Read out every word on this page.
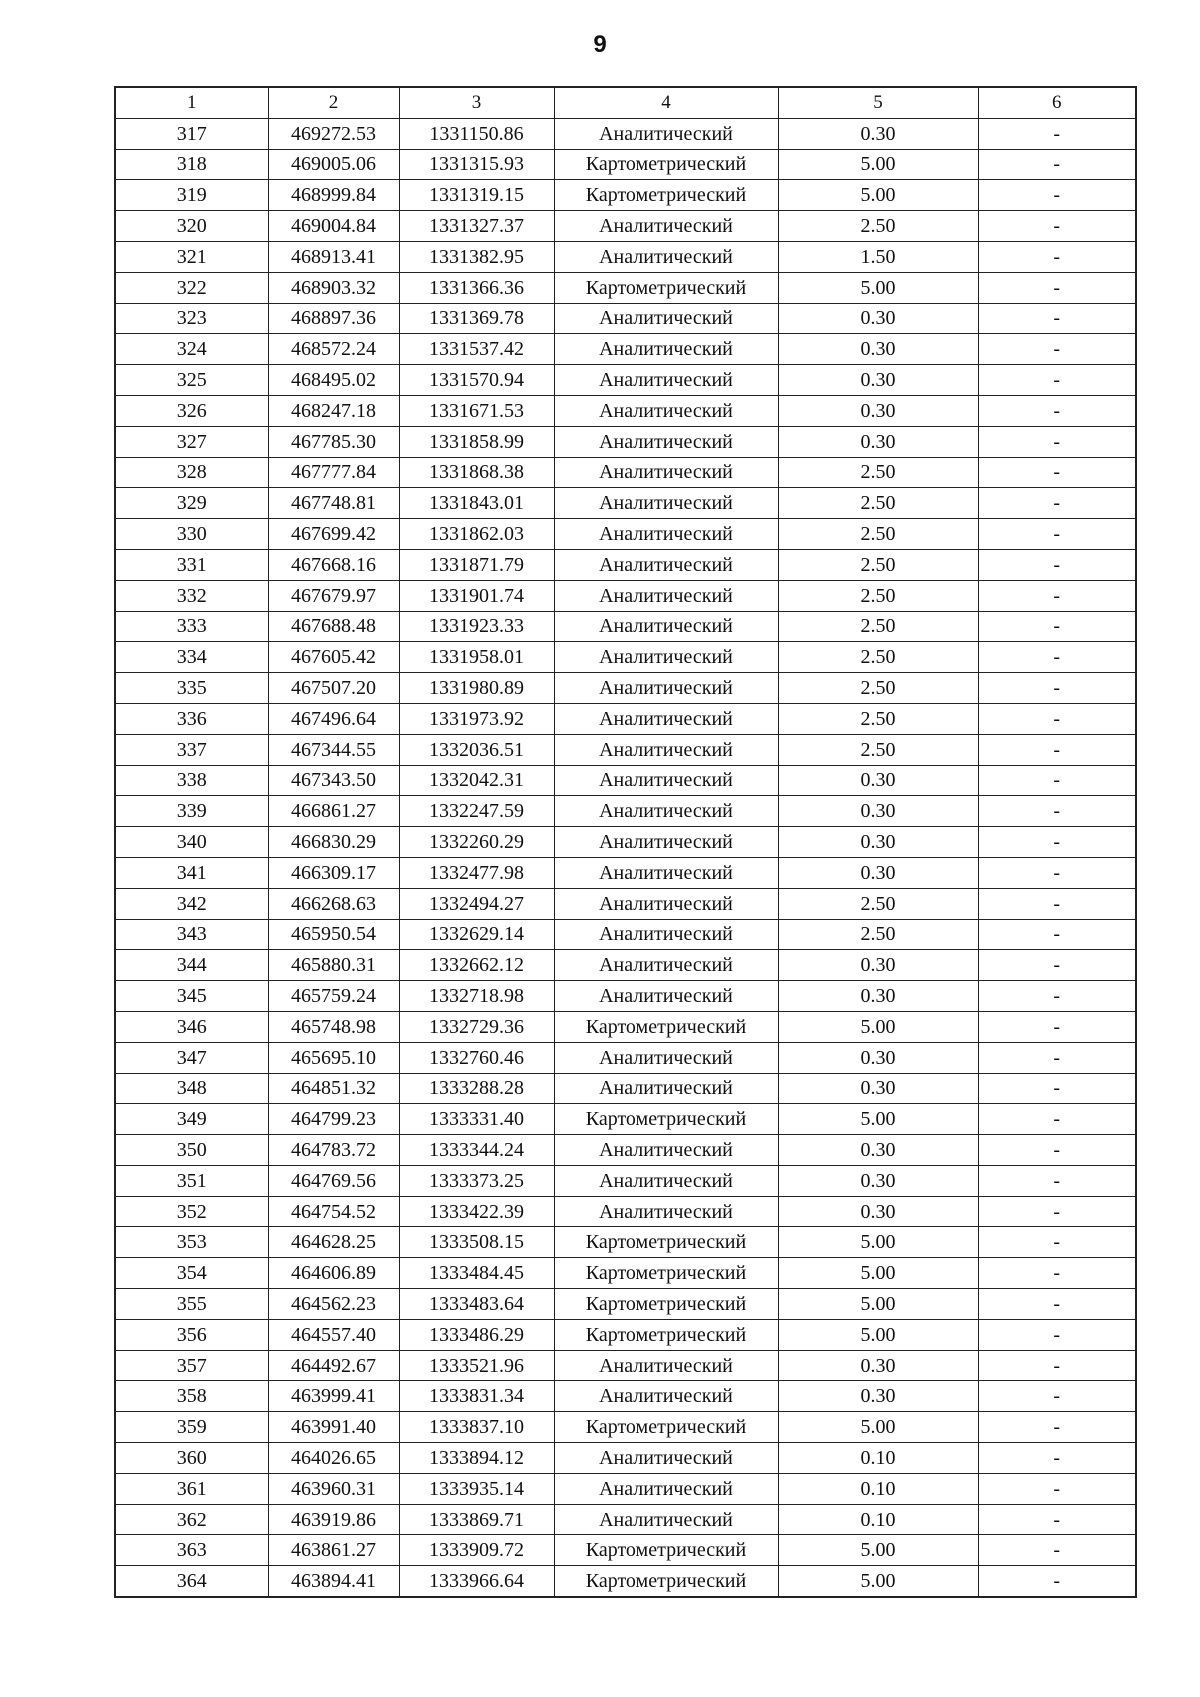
9
1	2	3	4	5	6
317	469272.53	1331150.86	Аналитический	0.30	-
318	469005.06	1331315.93	Картометрический	5.00	-
319	468999.84	1331319.15	Картометрический	5.00	-
320	469004.84	1331327.37	Аналитический	2.50	-
321	468913.41	1331382.95	Аналитический	1.50	-
322	468903.32	1331366.36	Картометрический	5.00	-
323	468897.36	1331369.78	Аналитический	0.30	-
324	468572.24	1331537.42	Аналитический	0.30	-
325	468495.02	1331570.94	Аналитический	0.30	-
326	468247.18	1331671.53	Аналитический	0.30	-
327	467785.30	1331858.99	Аналитический	0.30	-
328	467777.84	1331868.38	Аналитический	2.50	-
329	467748.81	1331843.01	Аналитический	2.50	-
330	467699.42	1331862.03	Аналитический	2.50	-
331	467668.16	1331871.79	Аналитический	2.50	-
332	467679.97	1331901.74	Аналитический	2.50	-
333	467688.48	1331923.33	Аналитический	2.50	-
334	467605.42	1331958.01	Аналитический	2.50	-
335	467507.20	1331980.89	Аналитический	2.50	-
336	467496.64	1331973.92	Аналитический	2.50	-
337	467344.55	1332036.51	Аналитический	2.50	-
338	467343.50	1332042.31	Аналитический	0.30	-
339	466861.27	1332247.59	Аналитический	0.30	-
340	466830.29	1332260.29	Аналитический	0.30	-
341	466309.17	1332477.98	Аналитический	0.30	-
342	466268.63	1332494.27	Аналитический	2.50	-
343	465950.54	1332629.14	Аналитический	2.50	-
344	465880.31	1332662.12	Аналитический	0.30	-
345	465759.24	1332718.98	Аналитический	0.30	-
346	465748.98	1332729.36	Картометрический	5.00	-
347	465695.10	1332760.46	Аналитический	0.30	-
348	464851.32	1333288.28	Аналитический	0.30	-
349	464799.23	1333331.40	Картометрический	5.00	-
350	464783.72	1333344.24	Аналитический	0.30	-
351	464769.56	1333373.25	Аналитический	0.30	-
352	464754.52	1333422.39	Аналитический	0.30	-
353	464628.25	1333508.15	Картометрический	5.00	-
354	464606.89	1333484.45	Картометрический	5.00	-
355	464562.23	1333483.64	Картометрический	5.00	-
356	464557.40	1333486.29	Картометрический	5.00	-
357	464492.67	1333521.96	Аналитический	0.30	-
358	463999.41	1333831.34	Аналитический	0.30	-
359	463991.40	1333837.10	Картометрический	5.00	-
360	464026.65	1333894.12	Аналитический	0.10	-
361	463960.31	1333935.14	Аналитический	0.10	-
362	463919.86	1333869.71	Аналитический	0.10	-
363	463861.27	1333909.72	Картометрический	5.00	-
364	463894.41	1333966.64	Картометрический	5.00	-
